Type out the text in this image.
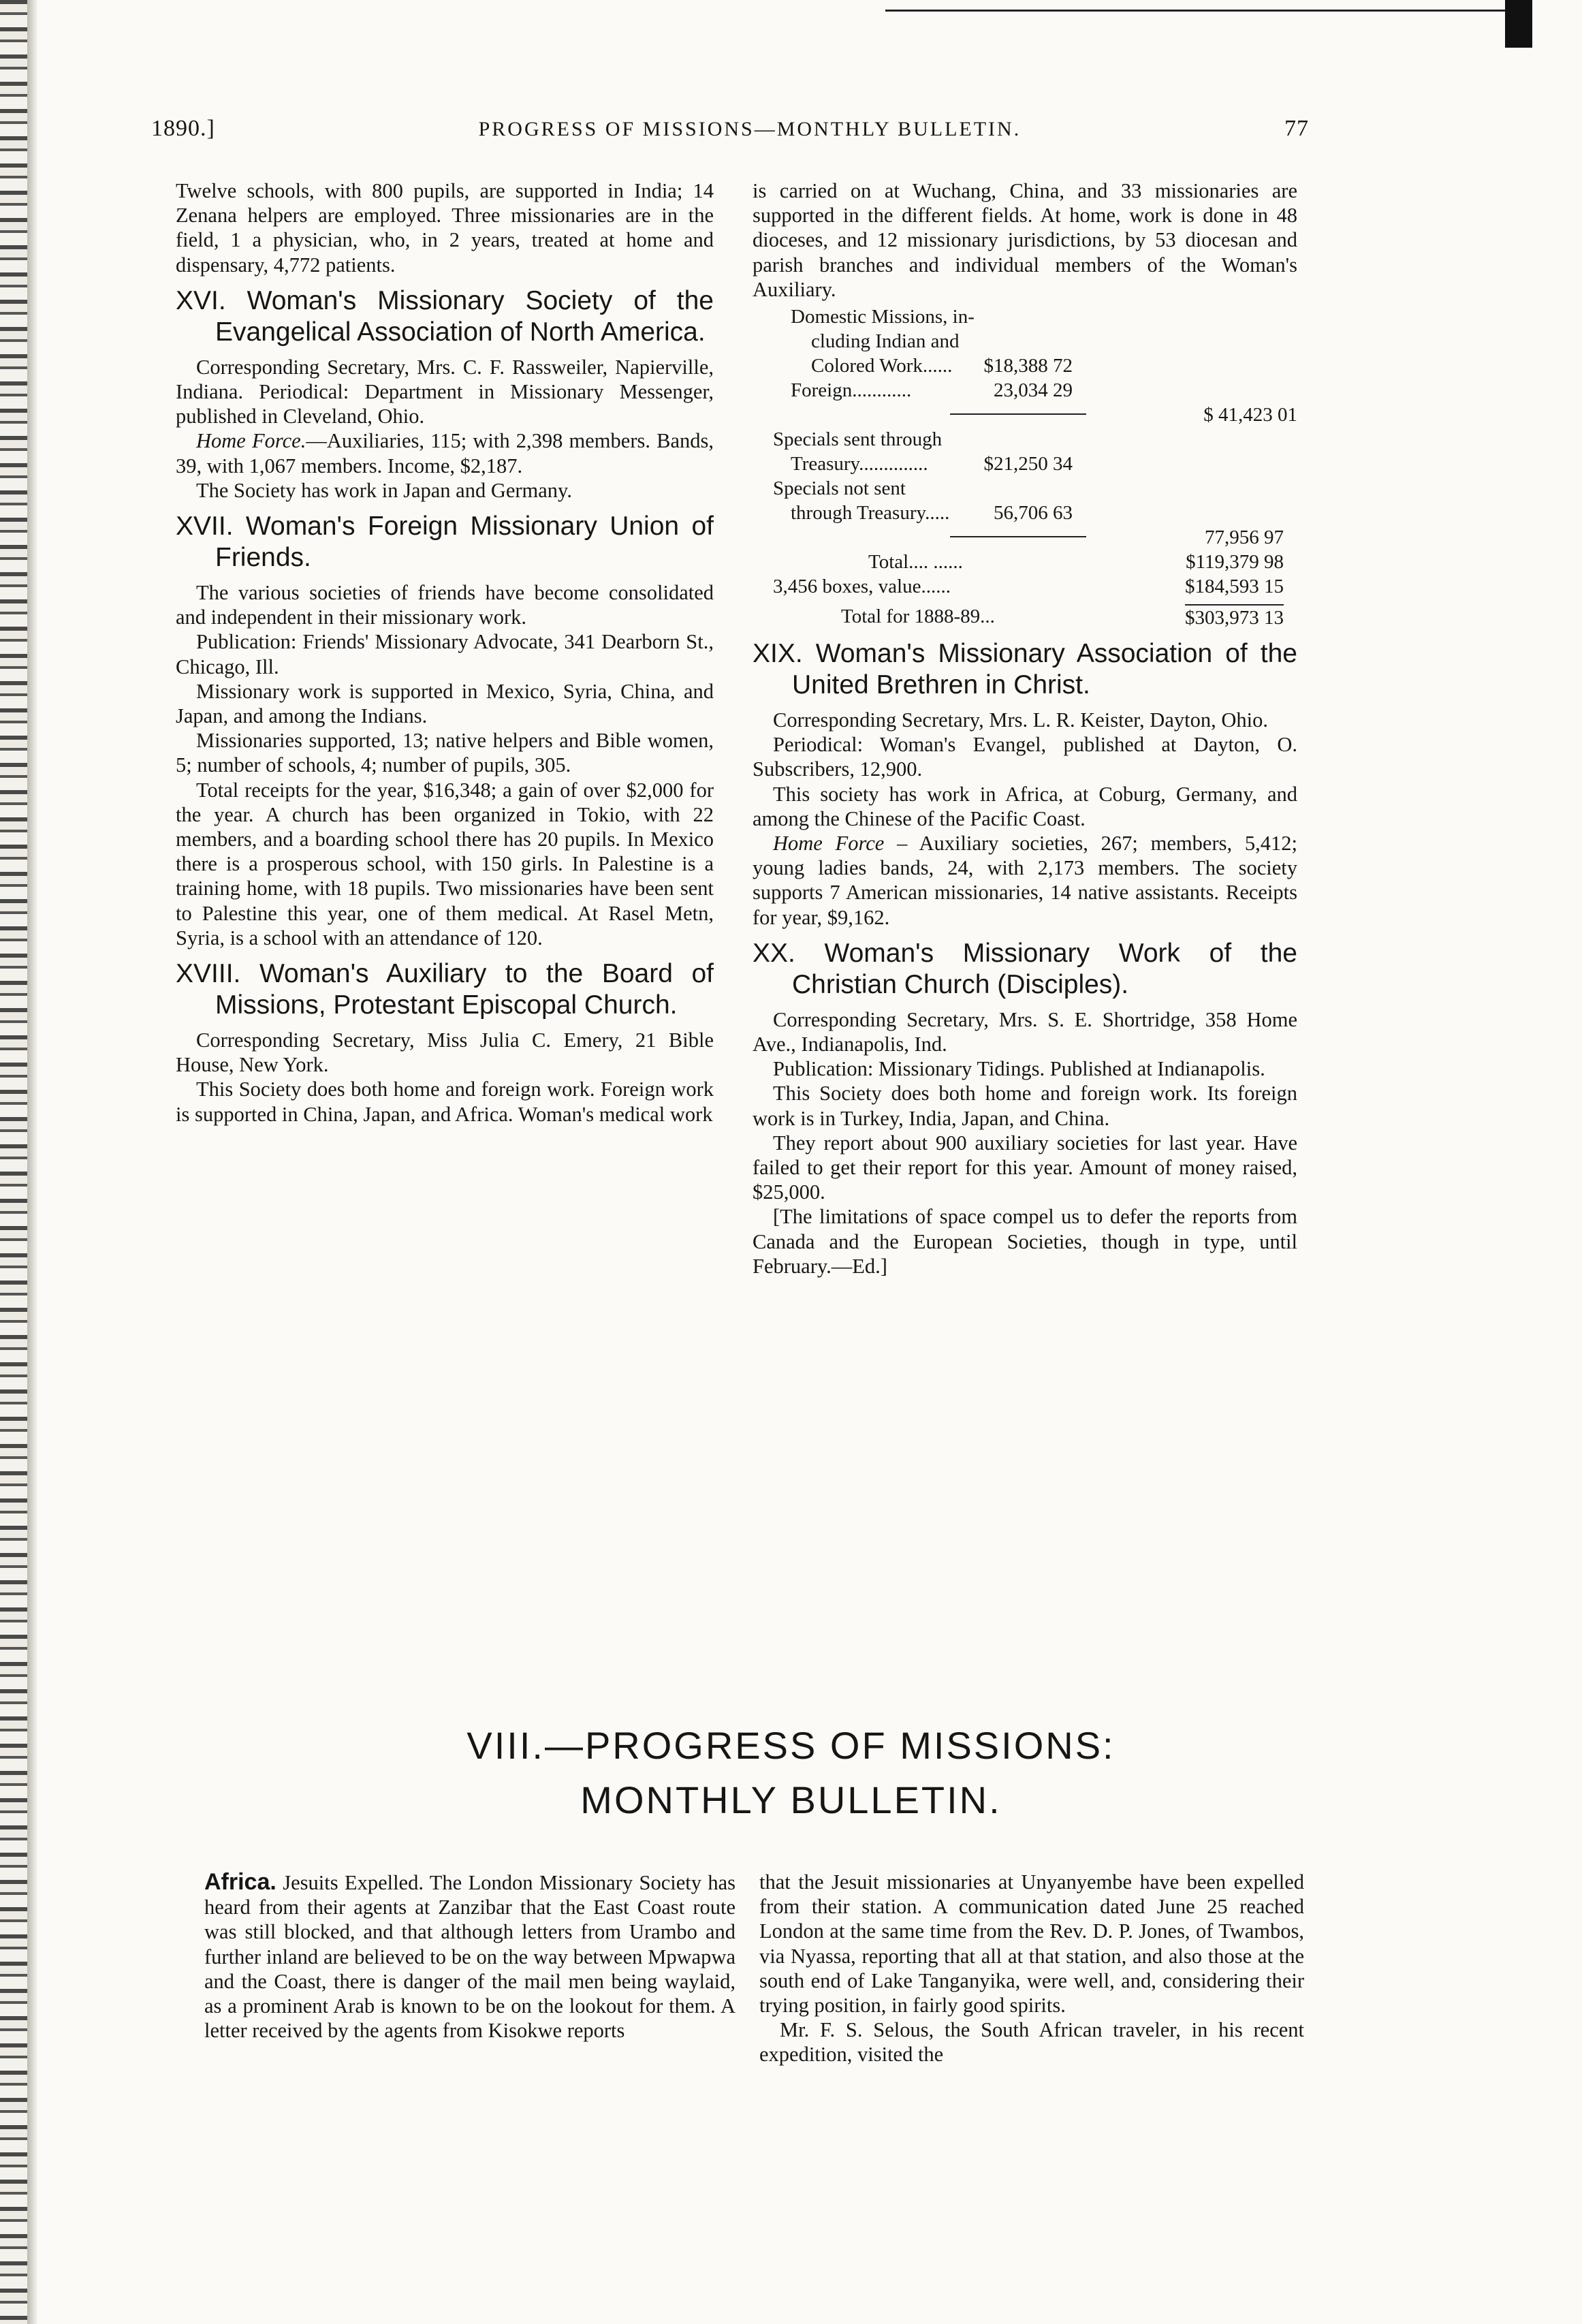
1890.]	PROGRESS OF MISSIONS—MONTHLY BULLETIN.	77

Twelve schools, with 800 pupils, are supported in India; 14 Zenana helpers are employed. Three missionaries are in the field, 1 a physician, who, in 2 years, treated at home and dispensary, 4,772 patients.

XVI. Woman's Missionary Society of the Evangelical Association of North America.

Corresponding Secretary, Mrs. C. F. Rassweiler, Napierville, Indiana. Periodical: Department in Missionary Messenger, published in Cleveland, Ohio.

Home Force.—Auxiliaries, 115; with 2,398 members. Bands, 39, with 1,067 members. Income, $2,187.

The Society has work in Japan and Germany.

XVII. Woman's Foreign Missionary Union of Friends.

The various societies of friends have become consolidated and independent in their missionary work.

Publication: Friends' Missionary Advocate, 341 Dearborn St., Chicago, Ill.

Missionary work is supported in Mexico, Syria, China, and Japan, and among the Indians.

Missionaries supported, 13; native helpers and Bible women, 5; number of schools, 4; number of pupils, 305.

Total receipts for the year, $16,348; a gain of over $2,000 for the year. A church has been organized in Tokio, with 22 members, and a boarding school there has 20 pupils. In Mexico there is a prosperous school, with 150 girls. In Palestine is a training home, with 18 pupils. Two missionaries have been sent to Palestine this year, one of them medical. At Rasel Metn, Syria, is a school with an attendance of 120.

XVIII. Woman's Auxiliary to the Board of Missions, Protestant Episcopal Church.

Corresponding Secretary, Miss Julia C. Emery, 21 Bible House, New York.

This Society does both home and foreign work. Foreign work is supported in China, Japan, and Africa. Woman's medical work

is carried on at Wuchang, China, and 33 missionaries are supported in the different fields. At home, work is done in 48 dioceses, and 12 missionary jurisdictions, by 53 diocesan and parish branches and individual members of the Woman's Auxiliary.

Domestic Missions, in-
cluding Indian and
Colored Work...... $18,388 72
Foreign............	23,034 29
$ 41,423 01
Specials sent through
Treasury..............	$21,250 34
Specials not sent
through Treasury..... 56,706 63
77,956 97
Total.... ......	$119,379 98
3,456 boxes, value......	$184,593 15
Total for 1888-89...	$303,973 13
XIX. Woman's Missionary Association of the United Brethren in Christ.

Corresponding Secretary, Mrs. L. R. Keister, Dayton, Ohio.

Periodical: Woman's Evangel, published at Dayton, O. Subscribers, 12,900.

This society has work in Africa, at Coburg, Germany, and among the Chinese of the Pacific Coast.

Home Force – Auxiliary societies, 267; members, 5,412; young ladies bands, 24, with 2,173 members. The society supports 7 American missionaries, 14 native assistants. Receipts for year, $9,162.

XX. Woman's Missionary Work of the Christian Church (Disciples).

Corresponding Secretary, Mrs. S. E. Shortridge, 358 Home Ave., Indianapolis, Ind.

Publication: Missionary Tidings. Published at Indianapolis.

This Society does both home and foreign work. Its foreign work is in Turkey, India, Japan, and China.

They report about 900 auxiliary societies for last year. Have failed to get their report for this year. Amount of money raised, $25,000.

[The limitations of space compel us to defer the reports from Canada and the European Societies, though in type, until February.—Ed.]

VIII.—PROGRESS OF MISSIONS:
MONTHLY BULLETIN.

Africa. Jesuits Expelled. The London Missionary Society has heard from their agents at Zanzibar that the East Coast route was still blocked, and that although letters from Urambo and further inland are believed to be on the way between Mpwapwa and the Coast, there is danger of the mail men being waylaid, as a prominent Arab is known to be on the lookout for them. A letter received by the agents from Kisokwe reports

that the Jesuit missionaries at Unyanyembe have been expelled from their station. A communication dated June 25 reached London at the same time from the Rev. D. P. Jones, of Twambos, via Nyassa, reporting that all at that station, and also those at the south end of Lake Tanganyika, were well, and, considering their trying position, in fairly good spirits.

Mr. F. S. Selous, the South African traveler, in his recent expedition, visited the
